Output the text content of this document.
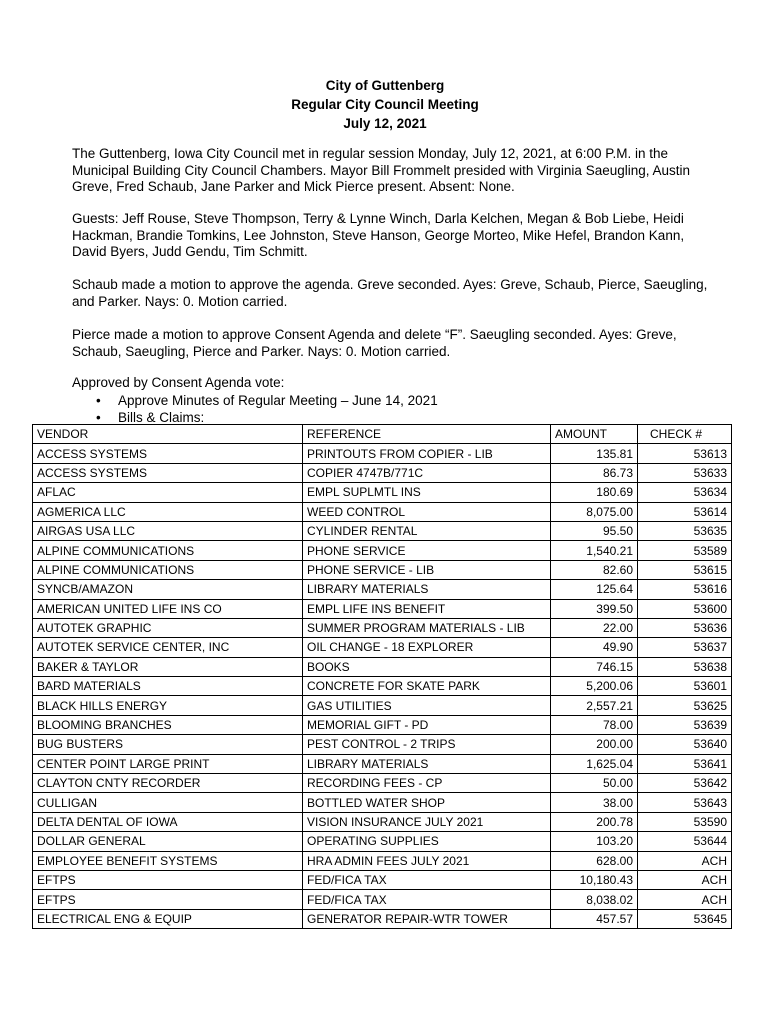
City of Guttenberg
Regular City Council Meeting
July 12, 2021

The Guttenberg, Iowa City Council met in regular session Monday, July 12, 2021, at 6:00 P.M. in the Municipal Building City Council Chambers. Mayor Bill Frommelt presided with Virginia Saeugling, Austin Greve, Fred Schaub, Jane Parker and Mick Pierce present. Absent: None.

Guests: Jeff Rouse, Steve Thompson, Terry & Lynne Winch, Darla Kelchen, Megan & Bob Liebe, Heidi Hackman, Brandie Tomkins, Lee Johnston, Steve Hanson, George Morteo, Mike Hefel, Brandon Kann, David Byers, Judd Gendu, Tim Schmitt.

Schaub made a motion to approve the agenda. Greve seconded. Ayes: Greve, Schaub, Pierce, Saeugling, and Parker. Nays: 0. Motion carried.

Pierce made a motion to approve Consent Agenda and delete “F”. Saeugling seconded. Ayes: Greve, Schaub, Saeugling, Pierce and Parker. Nays: 0. Motion carried.

Approved by Consent Agenda vote:

• Approve Minutes of Regular Meeting – June 14, 2021
• Bills & Claims:
VENDOR	REFERENCE	AMOUNT	CHECK #
ACCESS SYSTEMS	PRINTOUTS FROM COPIER - LIB	135.81	53613
ACCESS SYSTEMS	COPIER 4747B/771C	86.73	53633
AFLAC	EMPL SUPLMTL INS	180.69	53634
AGMERICA LLC	WEED CONTROL	8,075.00	53614
AIRGAS USA LLC	CYLINDER RENTAL	95.50	53635
ALPINE COMMUNICATIONS	PHONE SERVICE	1,540.21	53589
ALPINE COMMUNICATIONS	PHONE SERVICE - LIB	82.60	53615
SYNCB/AMAZON	LIBRARY MATERIALS	125.64	53616
AMERICAN UNITED LIFE INS CO	EMPL LIFE INS BENEFIT	399.50	53600
AUTOTEK GRAPHIC	SUMMER PROGRAM MATERIALS - LIB	22.00	53636
AUTOTEK SERVICE CENTER, INC	OIL CHANGE - 18 EXPLORER	49.90	53637
BAKER & TAYLOR	BOOKS	746.15	53638
BARD MATERIALS	CONCRETE FOR SKATE PARK	5,200.06	53601
BLACK HILLS ENERGY	GAS UTILITIES	2,557.21	53625
BLOOMING BRANCHES	MEMORIAL GIFT - PD	78.00	53639
BUG BUSTERS	PEST CONTROL - 2 TRIPS	200.00	53640
CENTER POINT LARGE PRINT	LIBRARY MATERIALS	1,625.04	53641
CLAYTON CNTY RECORDER	RECORDING FEES - CP	50.00	53642
CULLIGAN	BOTTLED WATER SHOP	38.00	53643
DELTA DENTAL OF IOWA	VISION INSURANCE JULY 2021	200.78	53590
DOLLAR GENERAL	OPERATING SUPPLIES	103.20	53644
EMPLOYEE BENEFIT SYSTEMS	HRA ADMIN FEES JULY 2021	628.00	ACH
EFTPS	FED/FICA TAX	10,180.43	ACH
EFTPS	FED/FICA TAX	8,038.02	ACH
ELECTRICAL ENG & EQUIP	GENERATOR REPAIR-WTR TOWER	457.57	53645
